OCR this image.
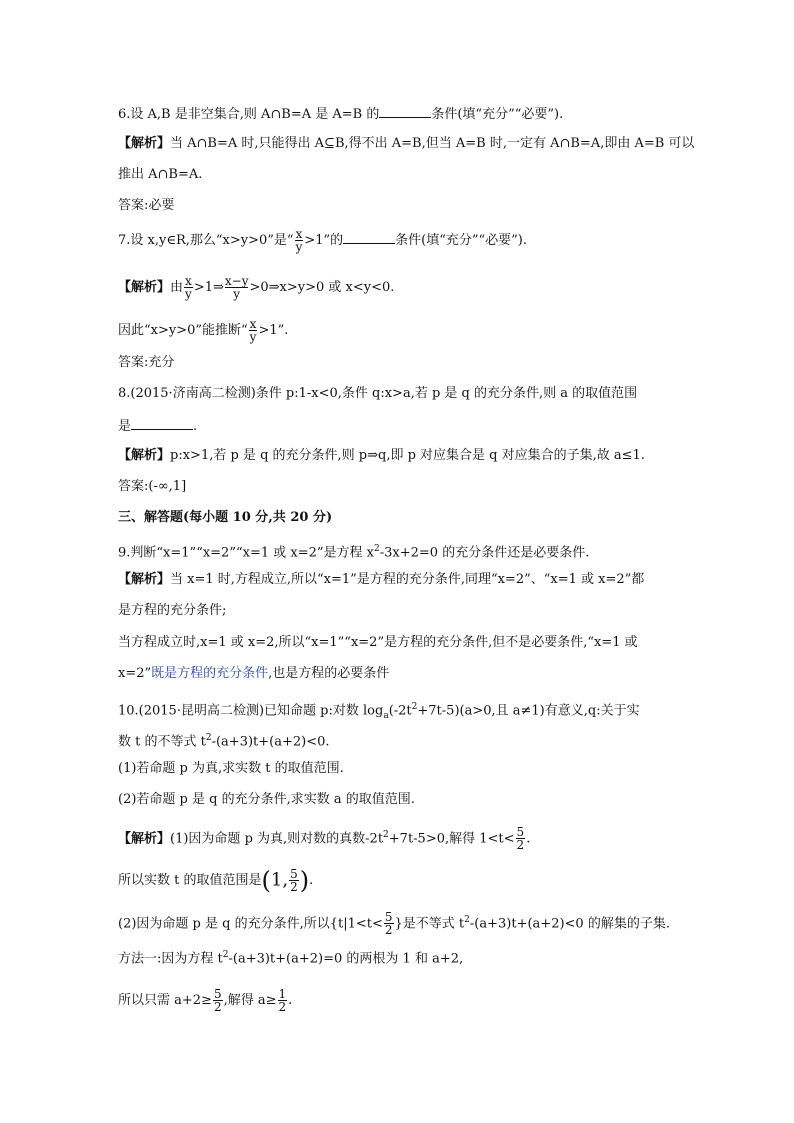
6.设 A,B 是非空集合,则 A∩B=A 是 A=B 的	条件(填“充分”“必要”).
【解析】当 A∩B=A 时,只能得出 A⊆B,得不出 A=B,但当 A=B 时,一定有 A∩B=A,即由 A=B 可以
推出 A∩B=A.
答案:必要
7.设 x,y∈R,那么“x>y>0”是“ $\frac{x}{y} >1$”的	条件(填“充分”“必要”).
【解析】由 $\frac{x}{y}$ >1⇒ $\frac{x-y}{y}$ >0⇒x>y>0 或 x<y<0.
因此“x>y>0”能推断“ $\frac{x}{y} >1$”.
答案:充分
8.(2015·济南高二检测)条件 p:1-x<0,条件 q:x>a,若 p 是 q 的充分条件,则 a 的取值范围
是	.
【解析】p:x>1,若 p 是 q 的充分条件,则 p⇒q,即 p 对应集合是 q 对应集合的子集,故 a≤1.
答案:(-∞,1]
三、解答题(每小题 10 分,共 20 分)
9.判断“x=1”“x=2”“x=1 或 x=2”是方程 $x^2-3x+2=0$ 的充分条件还是必要条件.
【解析】当 x=1 时,方程成立,所以“x=1”是方程的充分条件,同理“x=2”、“x=1 或 x=2”都
是方程的充分条件;
当方程成立时,x=1 或 x=2,所以“x=1”“x=2”是方程的充分条件,但不是必要条件,“x=1 或
x=2”既是方程的充分条件,也是方程的必要条件
10.(2015·昆明高二检测)已知命题 p:对数 $\log_a(-2t^2+7t-5)(a>0$,且 a≠1)有意义,q:关于实
数 t 的不等式 $t^2-(a+3)t+(a+2)<0$.
(1)若命题 p 为真,求实数 t 的取值范围.
(2)若命题 p 是 q 的充分条件,求实数 a 的取值范围.
【解析】(1)因为命题 p 为真,则对数的真数$-2t^2+7t-5>0$,解得 $1<t< \frac{5}{2}$ .
所以实数 t 的取值范围是(1, $\frac{5}{2}$ ).
(2)因为命题 p 是 q 的充分条件,所以{$t|1<t< \frac{5}{2}$ }是不等式 $t^2-(a+3)t+(a+2)<0$ 的解集的子集.
方法一:因为方程 $t^2-(a+3)t+(a+2)=0$ 的两根为 1 和 a+2,
所以只需 $a+2\ge \frac{5}{2}$ ,解得 $a\ge \frac{1}{2}$ .
